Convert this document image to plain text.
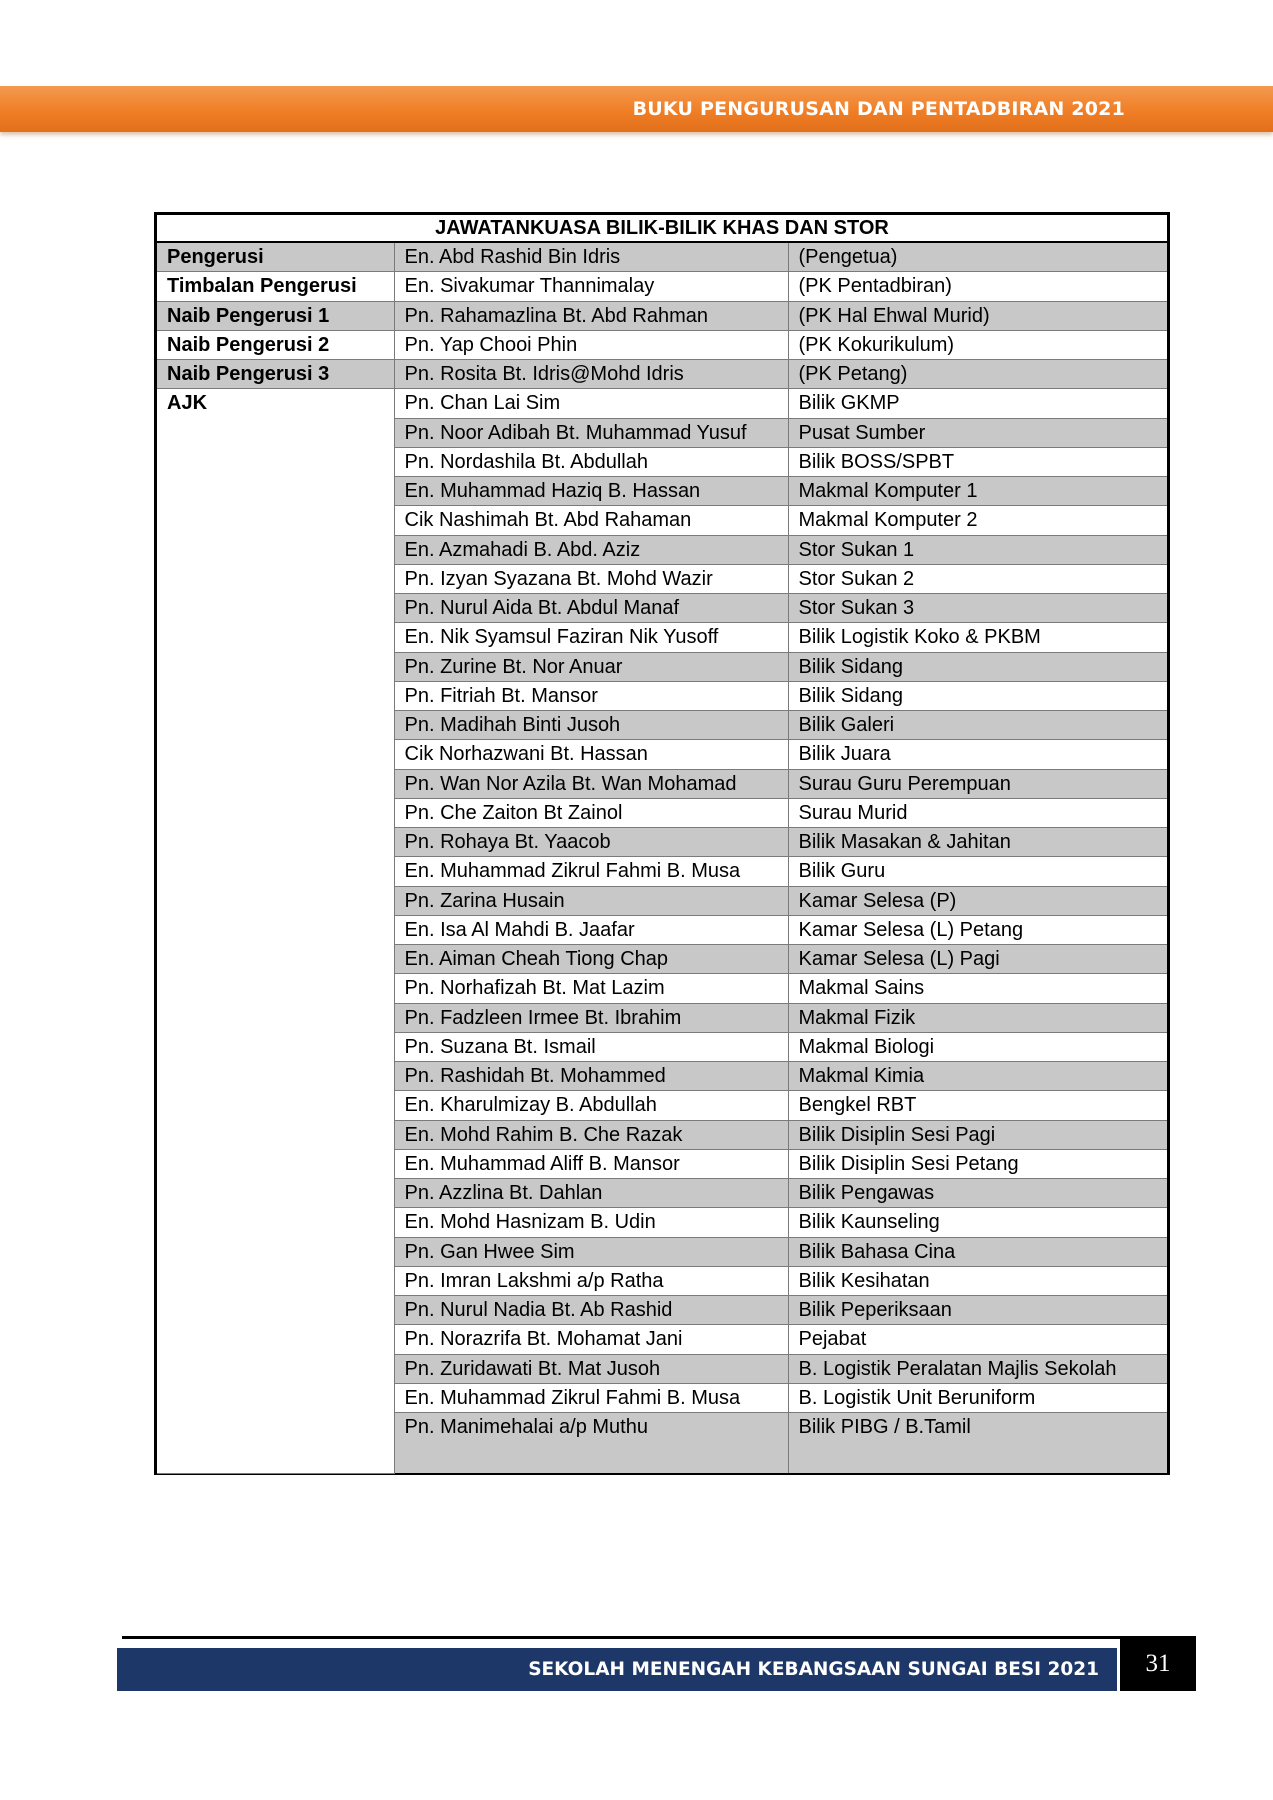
BUKU PENGURUSAN DAN PENTADBIRAN 2021
JAWATANKUASA BILIK-BILIK KHAS DAN STOR		
Pengerusi	En. Abd Rashid Bin Idris	(Pengetua)
Timbalan Pengerusi	En. Sivakumar Thannimalay	(PK Pentadbiran)
Naib Pengerusi 1	Pn. Rahamazlina Bt. Abd Rahman	(PK Hal Ehwal Murid)
Naib Pengerusi 2	Pn. Yap Chooi Phin	(PK Kokurikulum)
Naib Pengerusi 3	Pn. Rosita Bt. Idris@Mohd Idris	(PK Petang)
AJK	Pn. Chan Lai Sim	Bilik GKMP
	Pn. Noor Adibah Bt. Muhammad Yusuf	Pusat Sumber
	Pn. Nordashila Bt. Abdullah	Bilik BOSS/SPBT
	En. Muhammad Haziq B. Hassan	Makmal Komputer 1
	Cik Nashimah Bt. Abd Rahaman	Makmal Komputer 2
	En. Azmahadi B. Abd. Aziz	Stor Sukan 1
	Pn. Izyan Syazana Bt. Mohd Wazir	Stor Sukan 2
	Pn. Nurul Aida Bt. Abdul Manaf	Stor Sukan 3
	En. Nik Syamsul Faziran Nik Yusoff	Bilik Logistik Koko & PKBM
	Pn. Zurine Bt. Nor Anuar	Bilik Sidang
	Pn. Fitriah Bt. Mansor	Bilik Sidang
	Pn. Madihah Binti Jusoh	Bilik Galeri
	Cik Norhazwani Bt. Hassan	Bilik Juara
	Pn. Wan Nor Azila Bt. Wan Mohamad	Surau Guru Perempuan
	Pn. Che Zaiton Bt Zainol	Surau Murid
	Pn. Rohaya Bt. Yaacob	Bilik Masakan & Jahitan
	En. Muhammad Zikrul Fahmi B. Musa	Bilik Guru
	Pn. Zarina Husain	Kamar Selesa (P)
	En. Isa Al Mahdi B. Jaafar	Kamar Selesa (L) Petang
	En. Aiman Cheah Tiong Chap	Kamar Selesa (L) Pagi
	Pn. Norhafizah Bt. Mat Lazim	Makmal Sains
	Pn. Fadzleen Irmee Bt. Ibrahim	Makmal Fizik
	Pn. Suzana Bt. Ismail	Makmal Biologi
	Pn. Rashidah Bt. Mohammed	Makmal Kimia
	En. Kharulmizay B. Abdullah	Bengkel RBT
	En. Mohd Rahim B. Che Razak	Bilik Disiplin Sesi Pagi
	En. Muhammad Aliff B. Mansor	Bilik Disiplin Sesi Petang
	Pn. Azzlina Bt. Dahlan	Bilik Pengawas
	En. Mohd Hasnizam B. Udin	Bilik Kaunseling
	Pn. Gan Hwee Sim	Bilik Bahasa Cina
	Pn. Imran Lakshmi a/p Ratha	Bilik Kesihatan
	Pn. Nurul Nadia Bt. Ab Rashid	Bilik Peperiksaan
	Pn. Norazrifa Bt. Mohamat Jani	Pejabat
	Pn. Zuridawati Bt. Mat Jusoh	B. Logistik Peralatan Majlis Sekolah
	En. Muhammad Zikrul Fahmi B. Musa	B. Logistik Unit Beruniform
	Pn. Manimehalai a/p Muthu	Bilik PIBG / B.Tamil
SEKOLAH MENENGAH KEBANGSAAN SUNGAI BESI 2021	31
